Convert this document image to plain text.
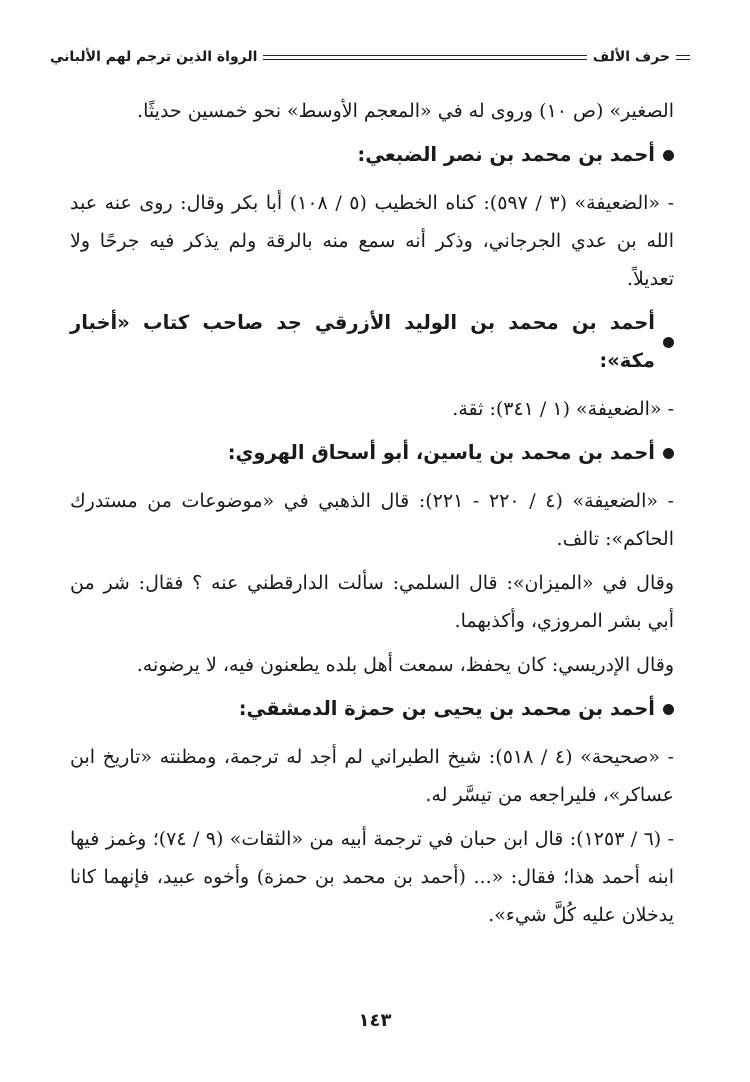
حرف الألف
الرواة الذين ترجم لهم الألباني

الصغير» (ص ١٠) وروى له في «المعجم الأوسط» نحو خمسين حديثًا.

أحمد بن محمد بن نصر الضبعي:

- «الضعيفة» (٣ / ٥٩٧): كناه الخطيب (٥ / ١٠٨) أبا بكر وقال: روى عنه عبد الله بن عدي الجرجاني، وذكر أنه سمع منه بالرقة ولم يذكر فيه جرحًا ولا تعديلاً.

أحمد بن محمد بن الوليد الأزرقي جد صاحب كتاب «أخبار مكة»:

- «الضعيفة» (١ / ٣٤١): ثقة.

أحمد بن محمد بن ياسين، أبو أسحاق الهروي:

- «الضعيفة» (٤ / ٢٢٠ - ٢٢١): قال الذهبي في «موضوعات من مستدرك الحاكم»: تالف.

وقال في «الميزان»: قال السلمي: سألت الدارقطني عنه ؟ فقال: شر من أبي بشر المروزي، وأكذبهما.

وقال الإدريسي: كان يحفظ، سمعت أهل بلده يطعنون فيه، لا يرضونه.

أحمد بن محمد بن يحيى بن حمزة الدمشقي:

- «صحيحة» (٤ / ٥١٨): شيخ الطبراني لم أجد له ترجمة، ومظنته «تاريخ ابن عساكر»، فليراجعه من تيسَّر له.

- (٦ / ١٢٥٣): قال ابن حبان في ترجمة أبيه من «الثقات» (٩ / ٧٤)؛ وغمز فيها ابنه أحمد هذا؛ فقال: «... (أحمد بن محمد بن حمزة) وأخوه عبيد، فإنهما كانا يدخلان عليه كُلَّ شيء».

١٤٣
